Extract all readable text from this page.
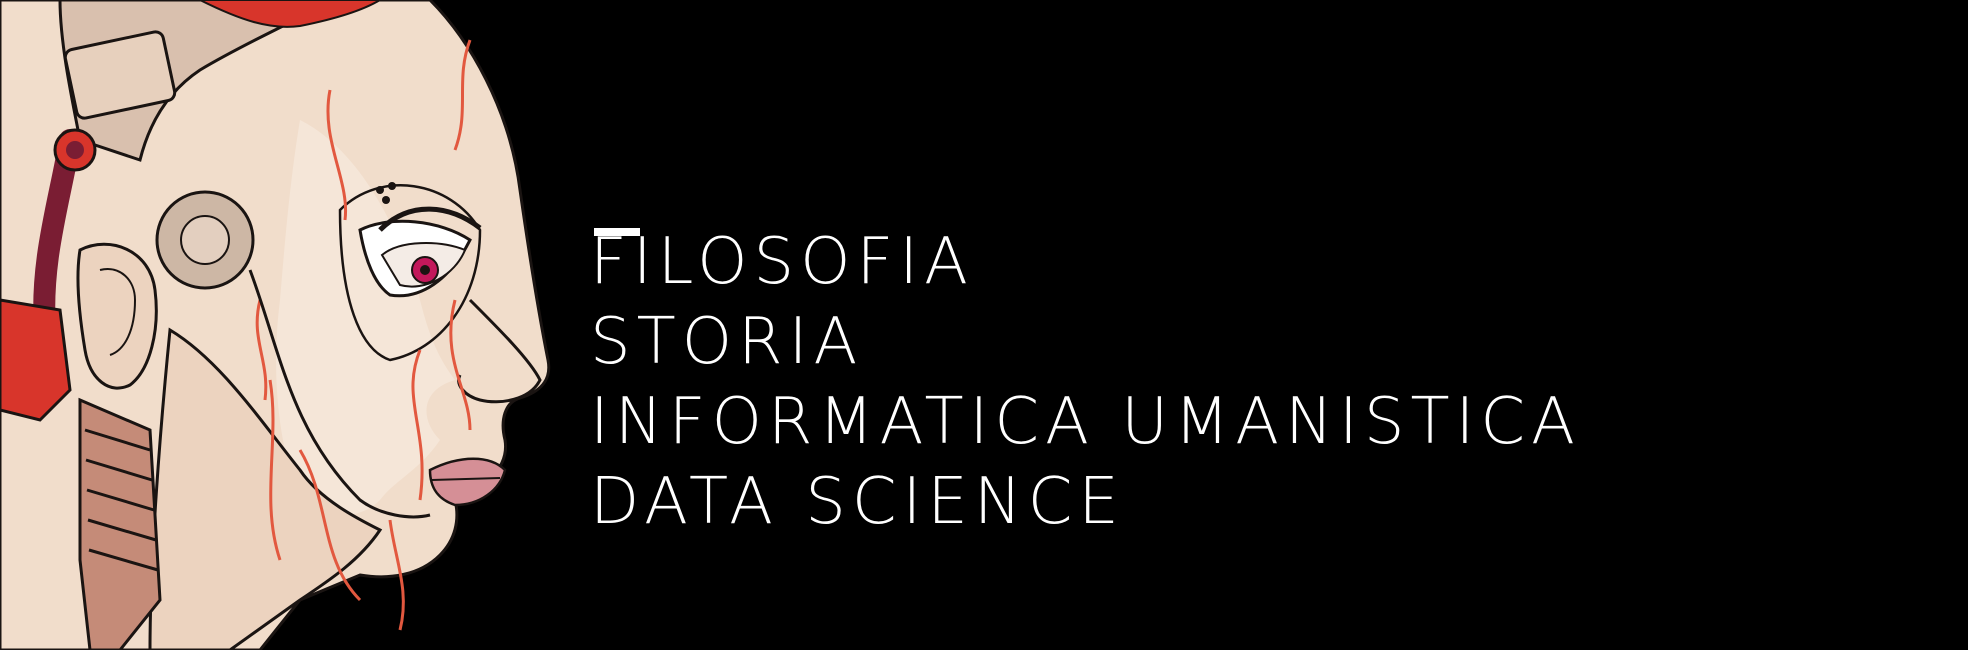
FILOSOFIA
STORIA
INFORMATICA UMANISTICA
DATA SCIENCE
